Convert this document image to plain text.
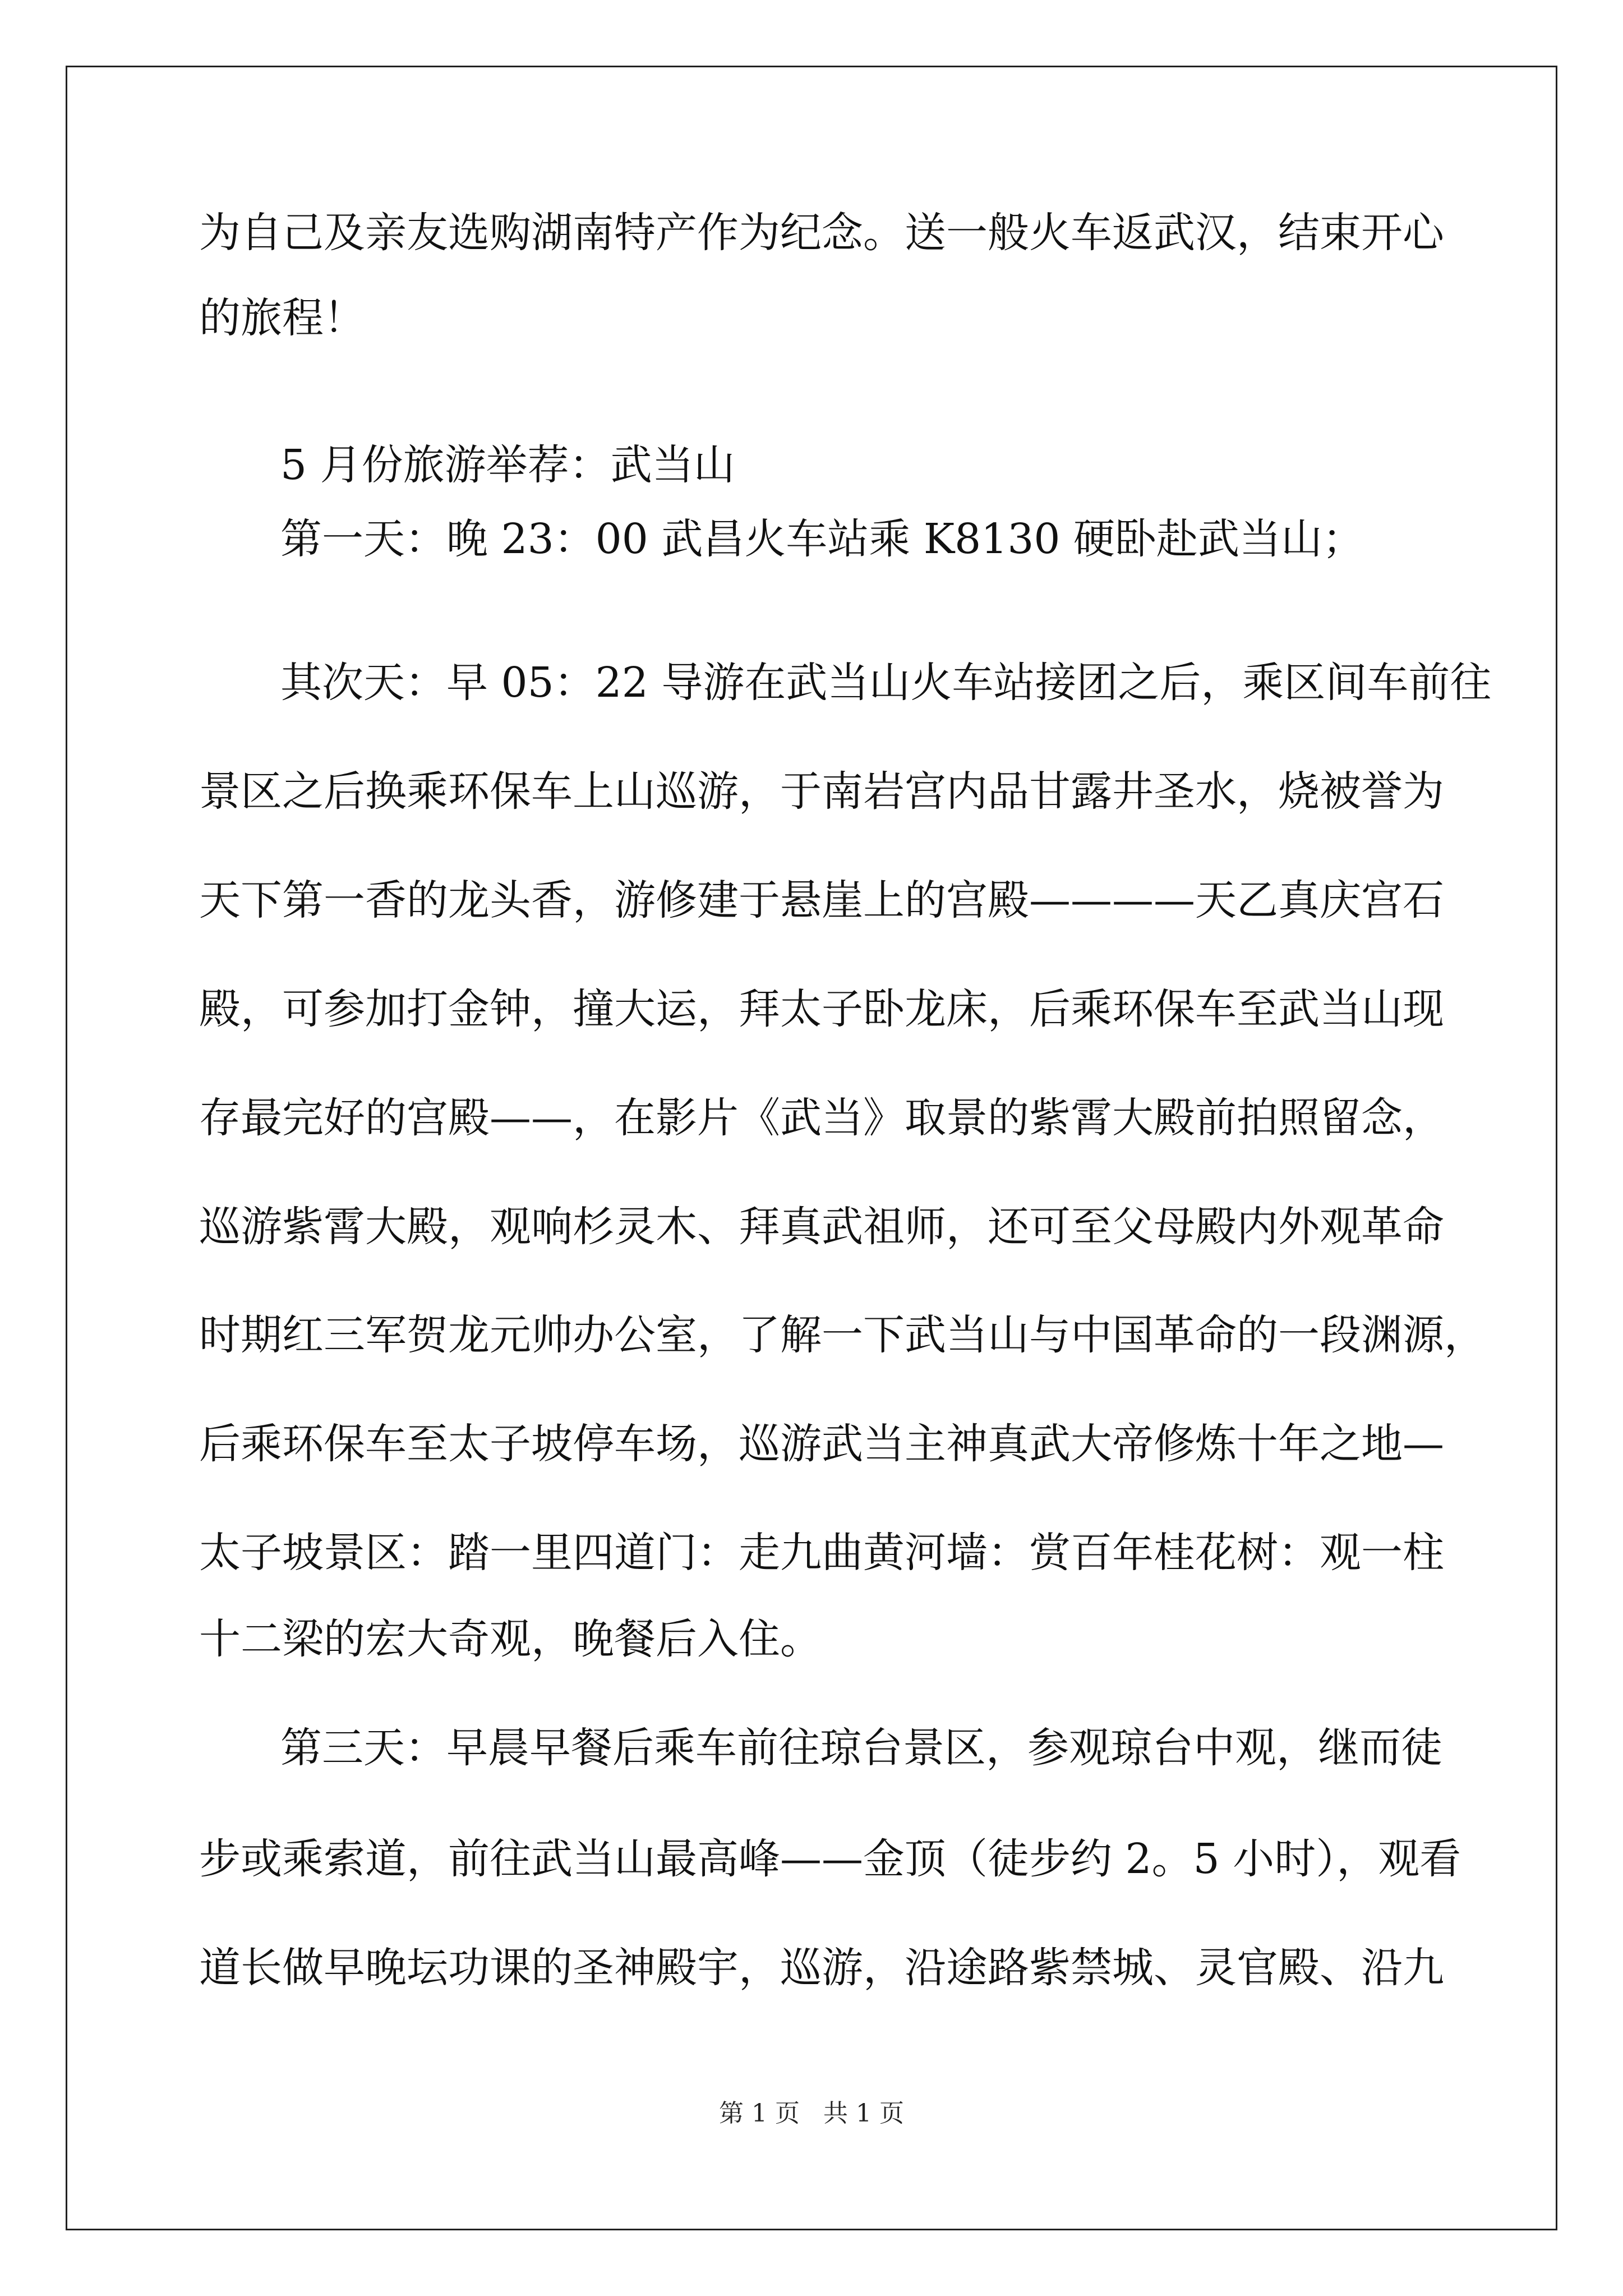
为自己及亲友选购湖南特产作为纪念。送一般火车返武汉，结束开心
的旅程！
5 月份旅游举荐：武当山
第一天：晚 23：00 武昌火车站乘 K8130 硬卧赴武当山；
其次天：早 05：22 导游在武当山火车站接团之后，乘区间车前往
景区之后换乘环保车上山巡游，于南岩宫内品甘露井圣水，烧被誉为
天下第一香的龙头香，游修建于悬崖上的宫殿————天乙真庆宫石
殿，可参加打金钟，撞大运，拜太子卧龙床，后乘环保车至武当山现
存最完好的宫殿——，在影片《武当》取景的紫霄大殿前拍照留念，
巡游紫霄大殿，观响杉灵木、拜真武祖师，还可至父母殿内外观革命
时期红三军贺龙元帅办公室，了解一下武当山与中国革命的一段渊源，
后乘环保车至太子坡停车场，巡游武当主神真武大帝修炼十年之地—
太子坡景区：踏一里四道门：走九曲黄河墙：赏百年桂花树：观一柱
十二梁的宏大奇观，晚餐后入住。
第三天：早晨早餐后乘车前往琼台景区，参观琼台中观，继而徒
步或乘索道，前往武当山最高峰——金顶（徒步约 2。5 小时），观看
道长做早晚坛功课的圣神殿宇，巡游，沿途路紫禁城、灵官殿、沿九
第 1 页   共 1 页
